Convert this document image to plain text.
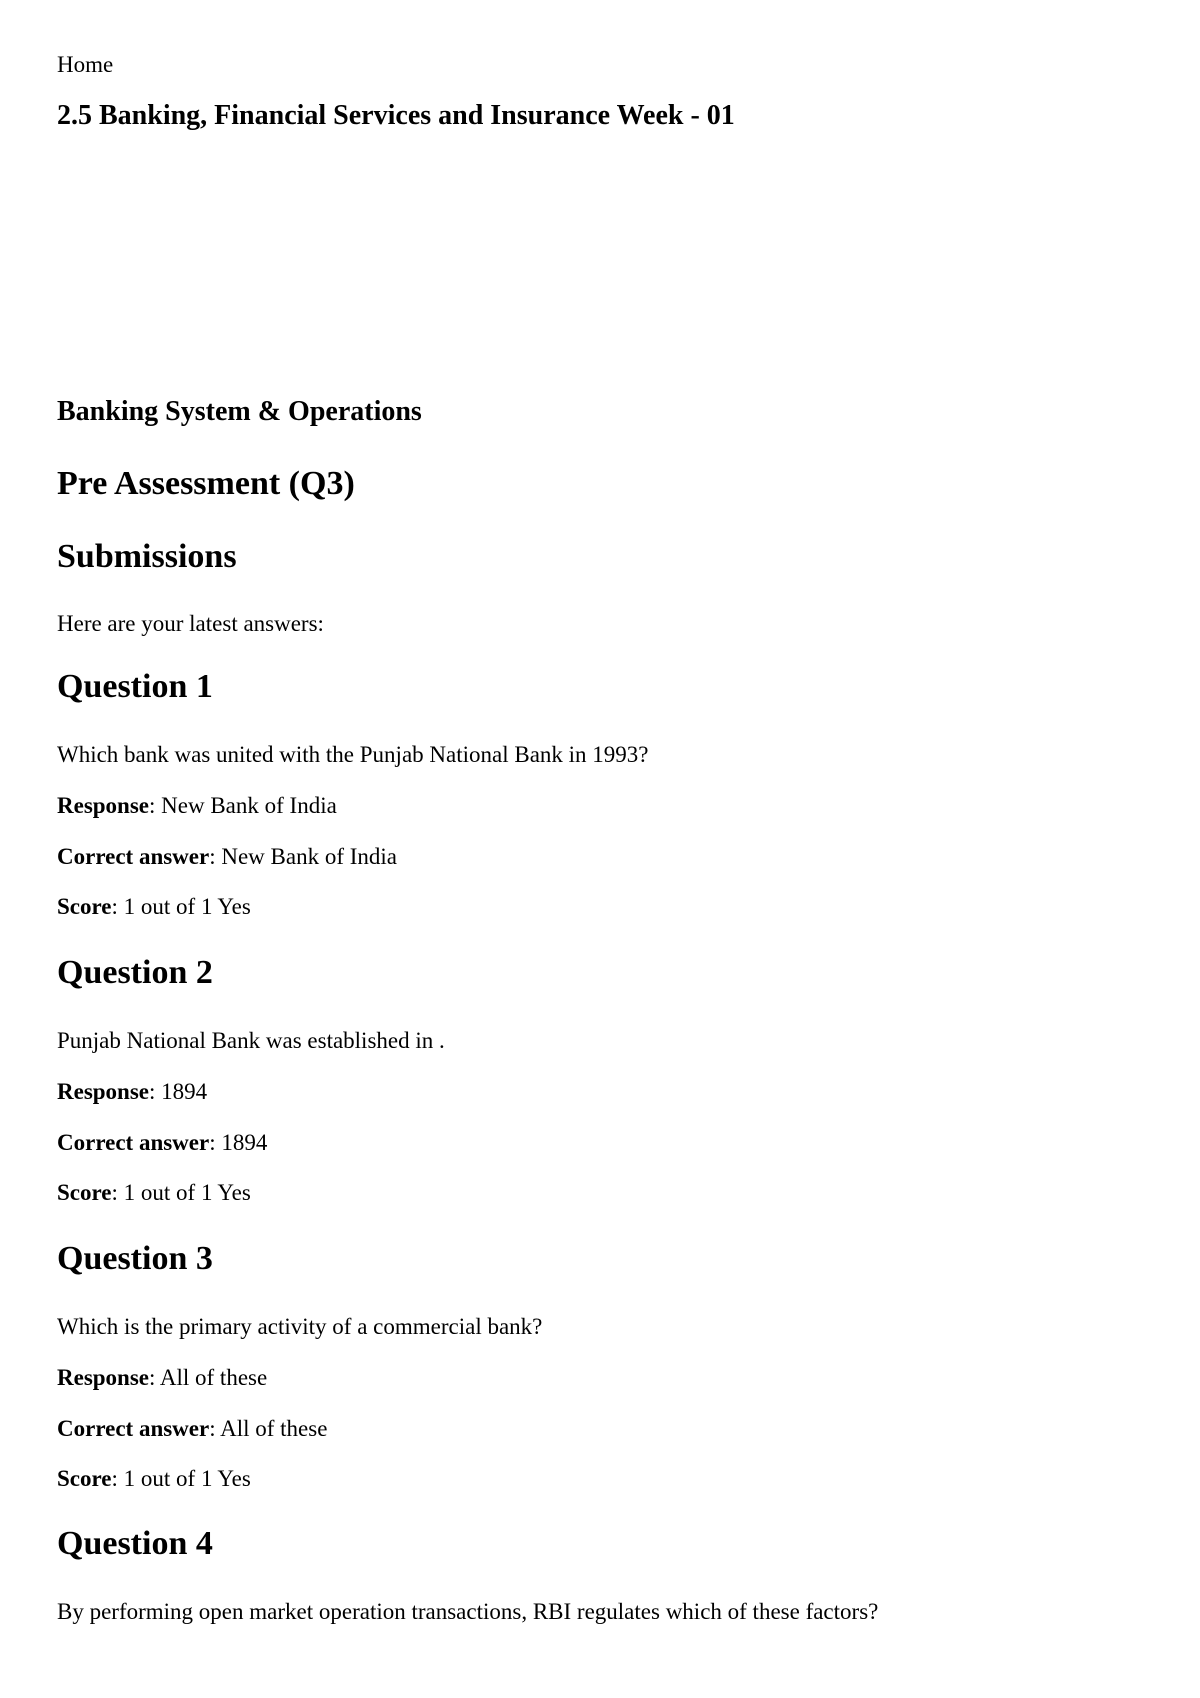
Home
2.5 Banking, Financial Services and Insurance Week - 01
Banking System & Operations
Pre Assessment (Q3)
Submissions
Here are your latest answers:
Question 1
Which bank was united with the Punjab National Bank in 1993?
Response: New Bank of India
Correct answer: New Bank of India
Score: 1 out of 1 Yes
Question 2
Punjab National Bank was established in .
Response: 1894
Correct answer: 1894
Score: 1 out of 1 Yes
Question 3
Which is the primary activity of a commercial bank?
Response: All of these
Correct answer: All of these
Score: 1 out of 1 Yes
Question 4
By performing open market operation transactions, RBI regulates which of these factors?
